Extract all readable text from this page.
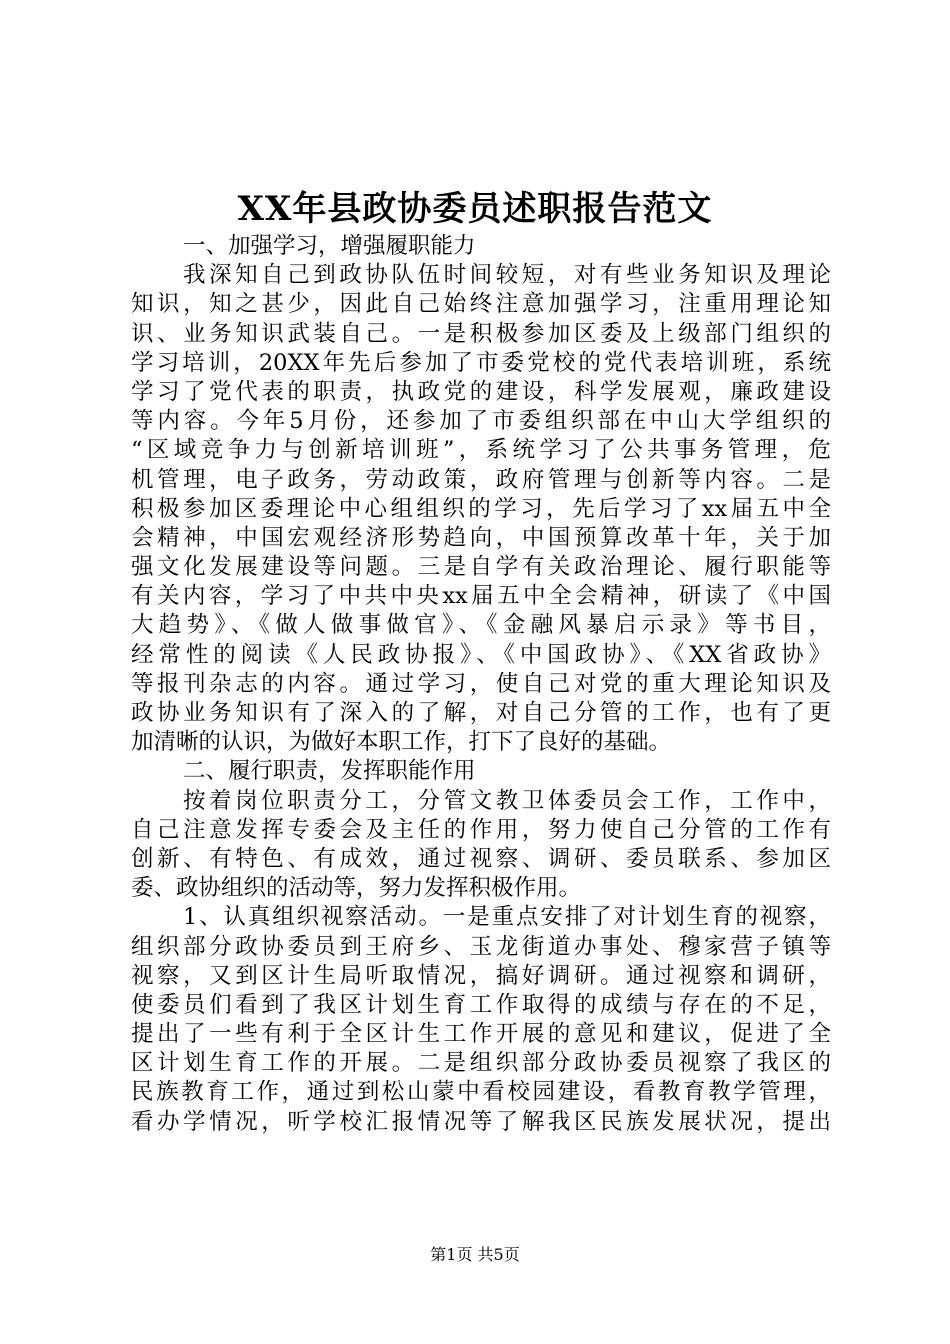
XX年县政协委员述职报告范文
一、加强学习，增强履职能力
我深知自己到政协队伍时间较短，对有些业务知识及理论
知识，知之甚少，因此自己始终注意加强学习，注重用理论知
识、业务知识武装自己。一是积极参加区委及上级部门组织的
学习培训，20XX年先后参加了市委党校的党代表培训班，系统
学习了党代表的职责，执政党的建设，科学发展观，廉政建设
等内容。今年5月份，还参加了市委组织部在中山大学组织的
“区域竞争力与创新培训班”，系统学习了公共事务管理，危
机管理，电子政务，劳动政策，政府管理与创新等内容。二是
积极参加区委理论中心组组织的学习，先后学习了xx届五中全
会精神，中国宏观经济形势趋向，中国预算改革十年，关于加
强文化发展建设等问题。三是自学有关政治理论、履行职能等
有关内容，学习了中共中央xx届五中全会精神，研读了《中国
大趋势》、《做人做事做官》、《金融风暴启示录》等书目，
经常性的阅读《人民政协报》、《中国政协》、《XX省政协》
等报刊杂志的内容。通过学习，使自己对党的重大理论知识及
政协业务知识有了深入的了解，对自己分管的工作，也有了更
加清晰的认识，为做好本职工作，打下了良好的基础。
二、履行职责，发挥职能作用
按着岗位职责分工，分管文教卫体委员会工作，工作中，
自己注意发挥专委会及主任的作用，努力使自己分管的工作有
创新、有特色、有成效，通过视察、调研、委员联系、参加区
委、政协组织的活动等，努力发挥积极作用。
1、认真组织视察活动。一是重点安排了对计划生育的视察，
组织部分政协委员到王府乡、玉龙街道办事处、穆家营子镇等
视察，又到区计生局听取情况，搞好调研。通过视察和调研，
使委员们看到了我区计划生育工作取得的成绩与存在的不足，
提出了一些有利于全区计生工作开展的意见和建议，促进了全
区计划生育工作的开展。二是组织部分政协委员视察了我区的
民族教育工作，通过到松山蒙中看校园建设，看教育教学管理，
看办学情况，听学校汇报情况等了解我区民族发展状况，提出
第1页 共5页
